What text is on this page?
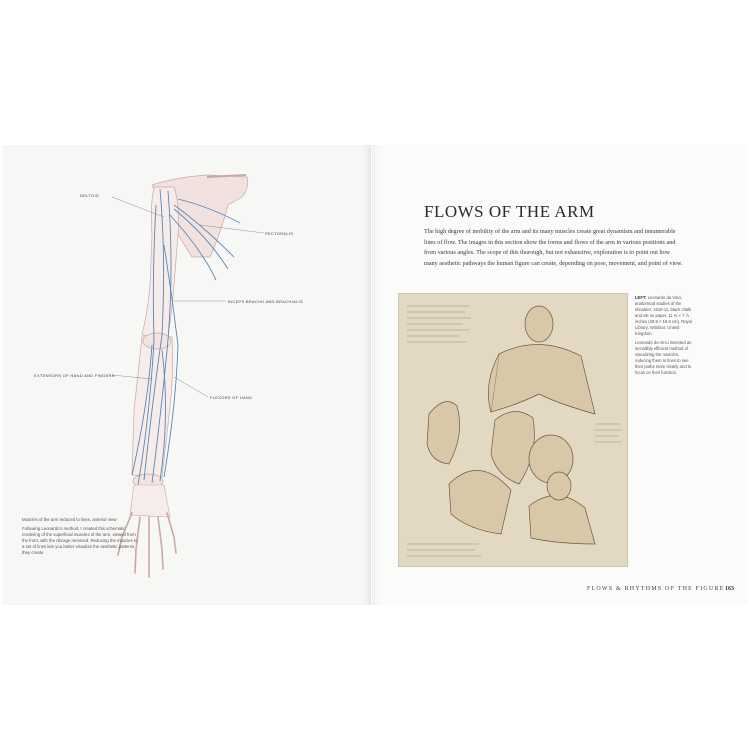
DELTOID
PECTORALIS
BICEPS BRACHII AND BRACHIALIS
EXTENSORS OF HAND AND FINGERS
FLEXORS OF HAND

Muscles of the arm reduced to lines, anterior view

Following Leonardo's method, I created this schematic rendering of the superficial muscles of the arm, viewed from the front, with the ribcage removed. Reducing the muscles to a set of lines lets you better visualize the aesthetic patterns they create.

FLOWS OF THE ARM

The high degree of mobility of the arm and its many muscles create great dynamism and innumerable lines of flow. The images in this section show the forms and flows of the arm in various positions and from various angles. The scope of this thorough, but not exhaustive, exploration is to point out how many aesthetic pathways the human figure can create, depending on pose, movement, and point of view.

LEFT: Leonardo da Vinci, anatomical studies of the shoulder, 1510-11, black chalk and ink on paper, 11 ⅜ × 7 ⅞ inches (28.9 × 19.9 cm). Royal Library, Windsor, United Kingdom.

Leonardo da Vinci invented an incredibly efficient method of visualizing the muscles, reducing them to lines to see their paths more clearly and to focus on their function.

FLOWS & RHYTHMS OF THE FIGURE 163
